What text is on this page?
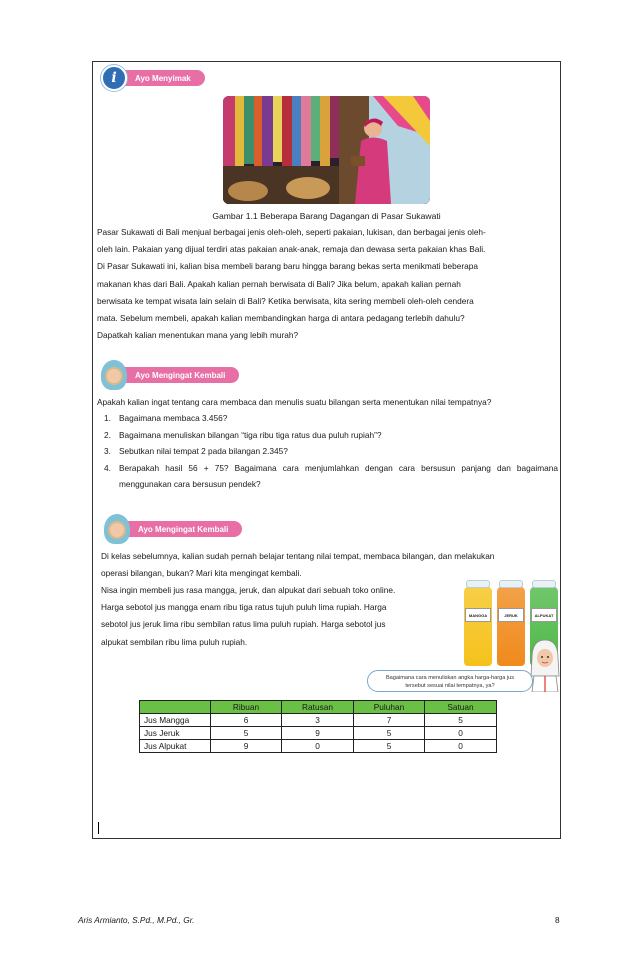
i	Ayo Menyimak
Gambar 1.1 Beberapa Barang Dagangan di Pasar Sukawati

Pasar Sukawati di Bali menjual berbagai jenis oleh-oleh, seperti pakaian, lukisan, dan berbagai jenis oleh-

oleh lain. Pakaian yang dijual terdiri atas pakaian anak-anak, remaja dan dewasa serta pakaian khas Bali.

Di Pasar Sukawati ini, kalian bisa membeli barang baru hingga barang bekas serta menikmati beberapa

makanan khas dari Bali. Apakah kalian pernah berwisata di Bali? Jika belum, apakah kalian pernah

berwisata ke tempat wisata lain selain di Bali? Ketika berwisata, kita sering membeli oleh-oleh cendera

mata. Sebelum membeli, apakah kalian membandingkan harga di antara pedagang terlebih dahulu?

Dapatkah kalian menentukan mana yang lebih murah?

Ayo Mengingat Kembali

Apakah kalian ingat tentang cara membaca dan menulis suatu bilangan serta menentukan nilai tempatnya?

1. Bagaimana membaca 3.456?
2. Bagaimana menuliskan bilangan “tiga ribu tiga ratus dua puluh rupiah”?
3. Sebutkan nilai tempat 2 pada bilangan 2.345?
4. Berapakah hasil 56 + 75? Bagaimana cara menjumlahkan dengan cara bersusun panjang dan bagaimana menggunakan cara bersusun pendek?
Ayo Mengingat Kembali

Di kelas sebelumnya, kalian sudah pernah belajar tentang nilai tempat, membaca bilangan, dan melakukan

operasi bilangan, bukan? Mari kita mengingat kembali.

Nisa ingin membeli jus rasa mangga, jeruk, dan alpukat dari sebuah toko online.

Harga sebotol jus mangga enam ribu tiga ratus tujuh puluh lima rupiah. Harga

sebotol jus jeruk lima ribu sembilan ratus lima puluh rupiah. Harga sebotol jus

alpukat sembilan ribu lima puluh rupiah.

MANGGA	JERUK	ALPUKAT
Bagaimana cara menuliskan angka harga-harga jus
tersebut sesuai nilai tempatnya, ya?
	Ribuan	Ratusan	Puluhan	Satuan
Jus Mangga	6	3	7	5
Jus Jeruk	5	9	5	0
Jus Alpukat	9	0	5	0
Aris Armianto, S.Pd., M.Pd., Gr.	8
